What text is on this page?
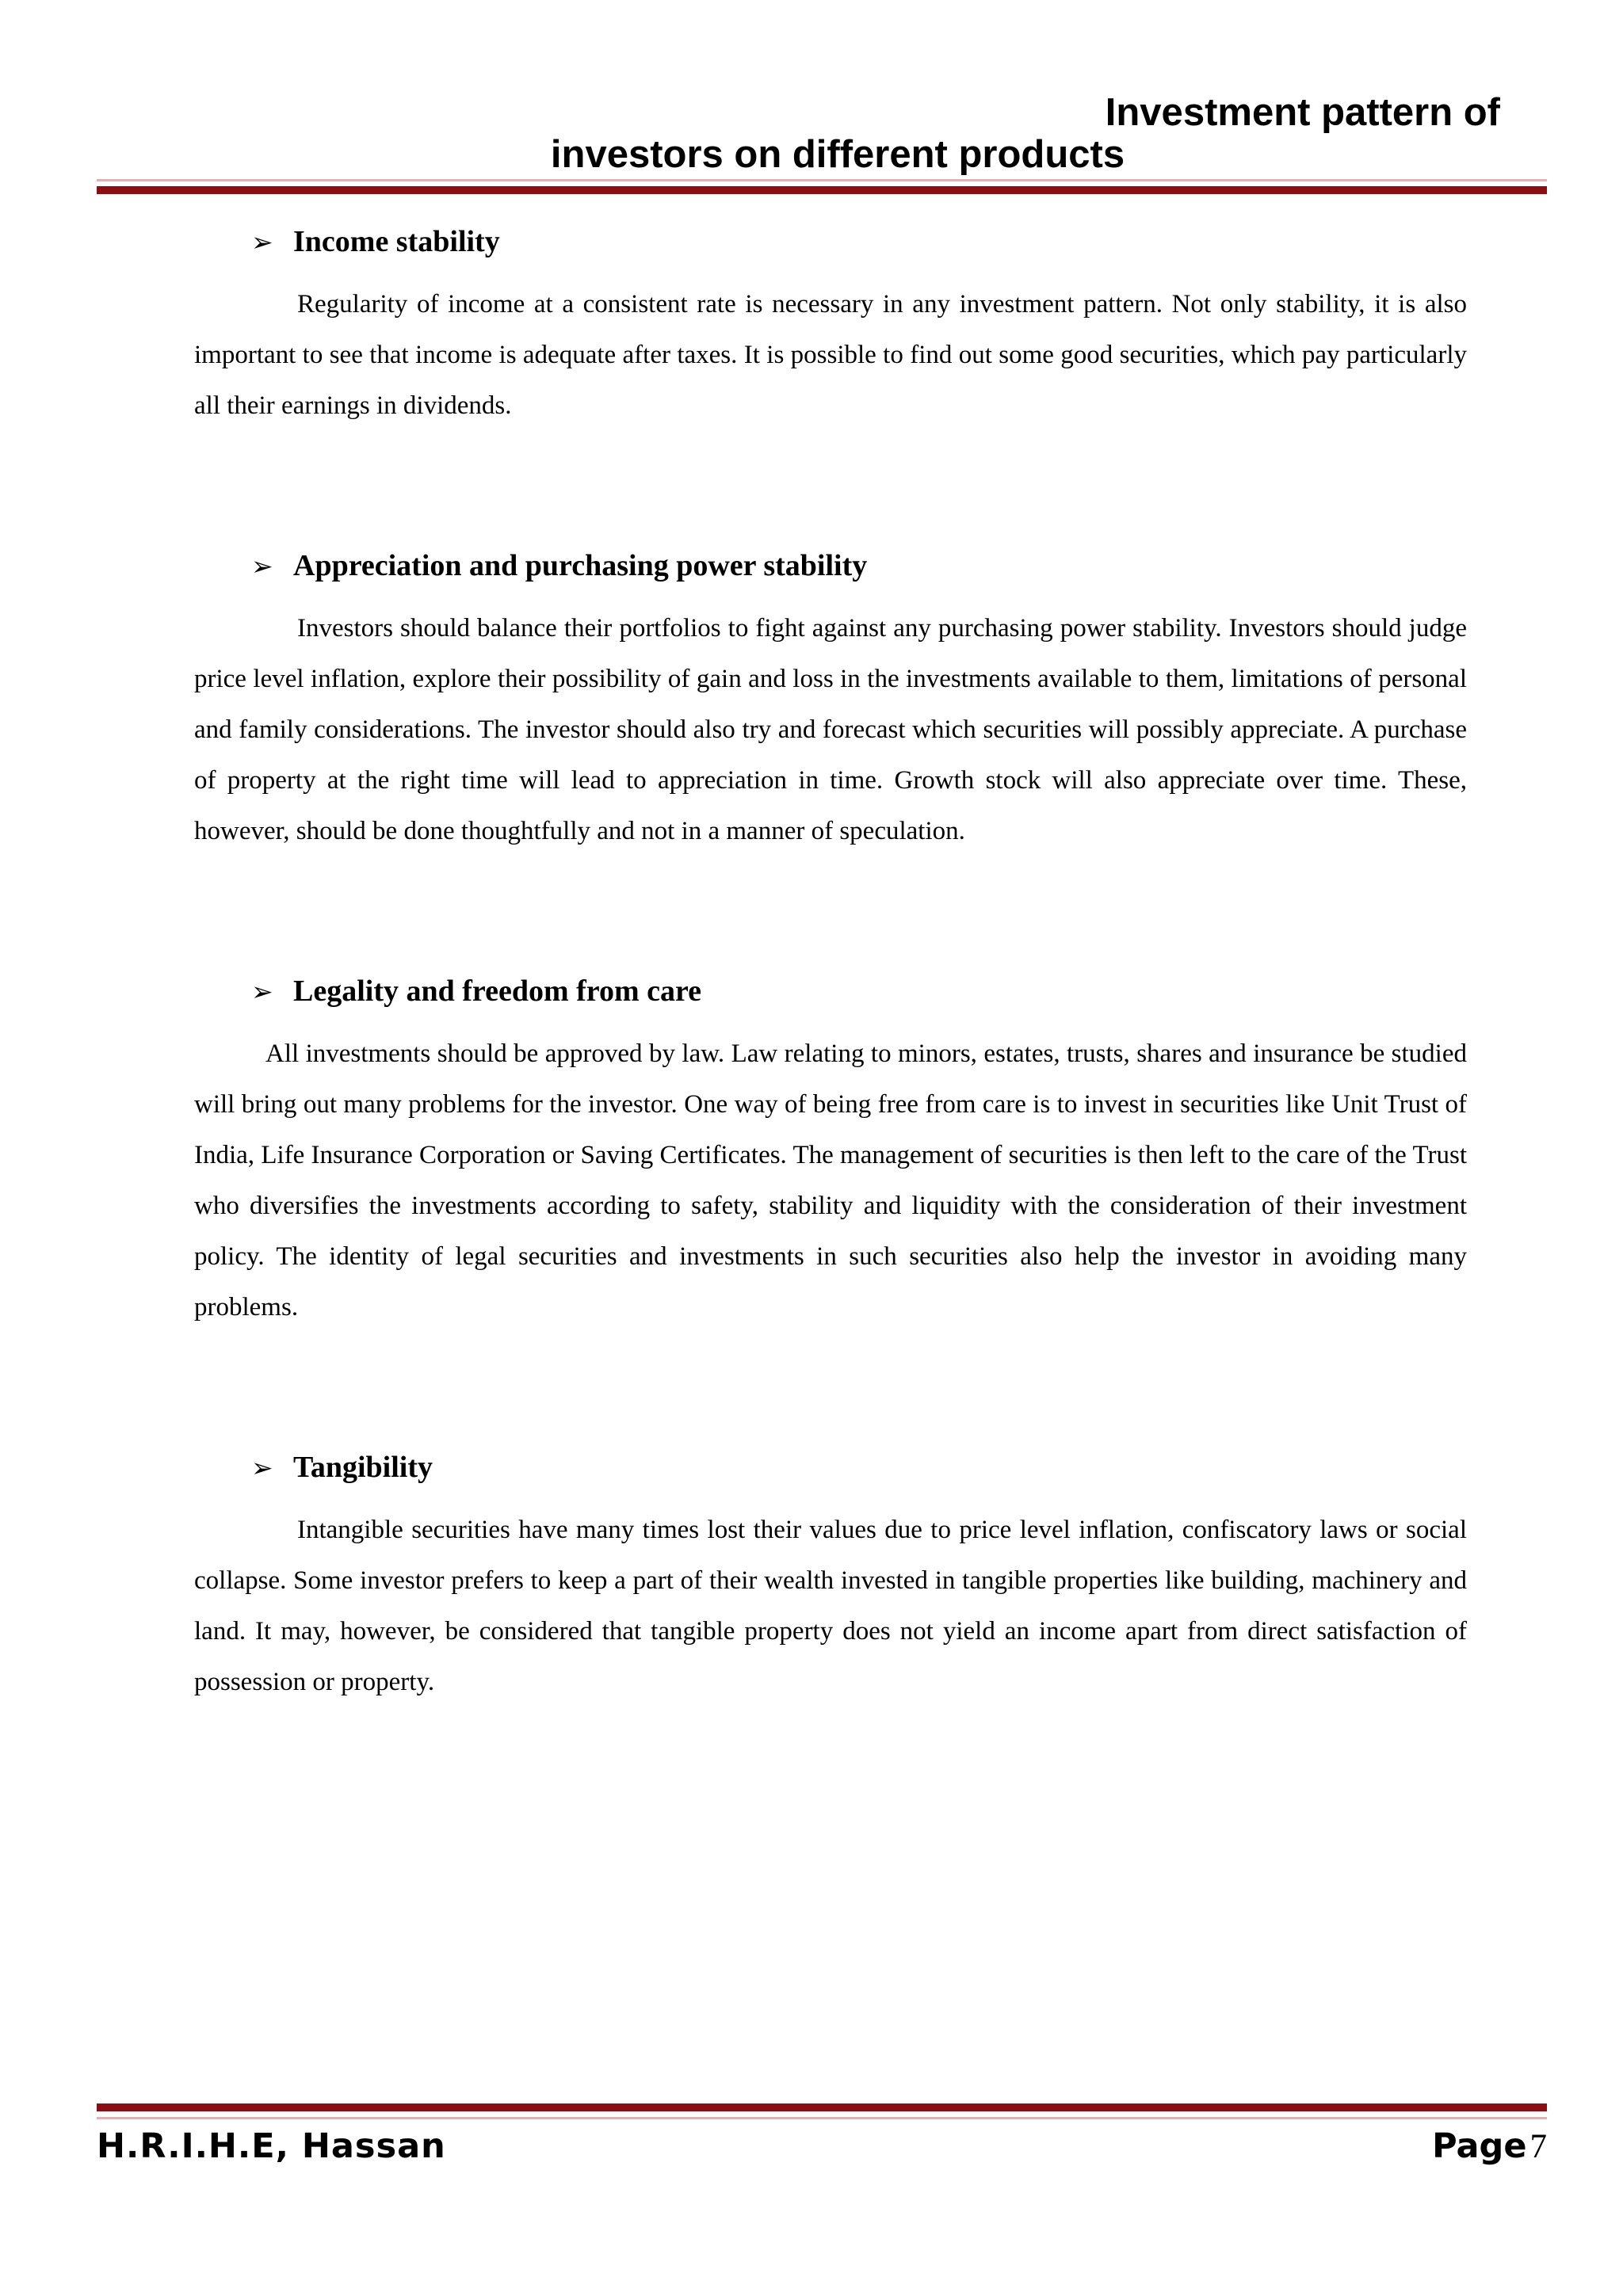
Investment pattern of
investors on different products
➢ Income stability

Regularity of income at a consistent rate is necessary in any investment pattern. Not only stability, it is also important to see that income is adequate after taxes. It is possible to find out some good securities, which pay particularly all their earnings in dividends.

➢ Appreciation and purchasing power stability

Investors should balance their portfolios to fight against any purchasing power stability. Investors should judge price level inflation, explore their possibility of gain and loss in the investments available to them, limitations of personal and family considerations. The investor should also try and forecast which securities will possibly appreciate. A purchase of property at the right time will lead to appreciation in time. Growth stock will also appreciate over time. These, however, should be done thoughtfully and not in a manner of speculation.

➢ Legality and freedom from care

All investments should be approved by law. Law relating to minors, estates, trusts, shares and insurance be studied will bring out many problems for the investor. One way of being free from care is to invest in securities like Unit Trust of India, Life Insurance Corporation or Saving Certificates. The management of securities is then left to the care of the Trust who diversifies the investments according to safety, stability and liquidity with the consideration of their investment policy. The identity of legal securities and investments in such securities also help the investor in avoiding many problems.

➢ Tangibility

Intangible securities have many times lost their values due to price level inflation, confiscatory laws or social collapse. Some investor prefers to keep a part of their wealth invested in tangible properties like building, machinery and land. It may, however, be considered that tangible property does not yield an income apart from direct satisfaction of possession or property.

H.R.I.H.E, Hassan	Page 7
